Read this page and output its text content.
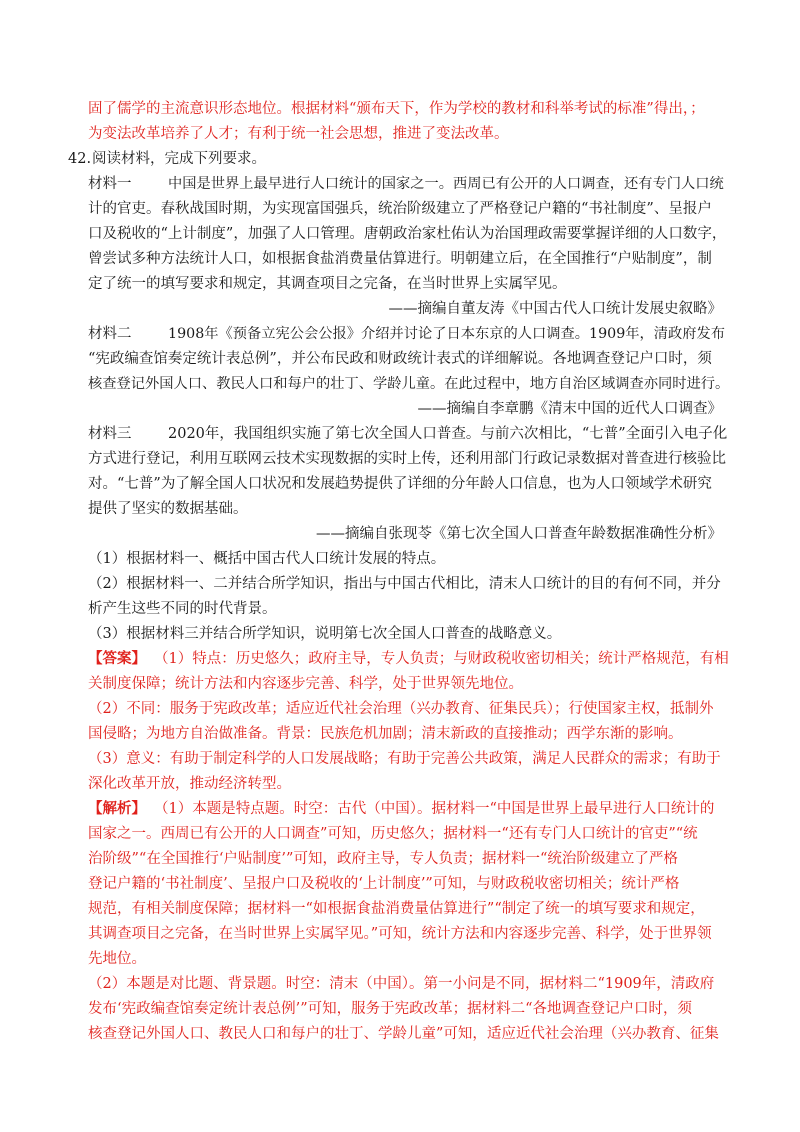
固了儒学的主流意识形态地位。根据材料“颁布天下，作为学校的教材和科举考试的标准”得出，；
为变法改革培养了人才；有利于统一社会思想，推进了变法改革。
42. 阅读材料，完成下列要求。
材料一	中国是世界上最早进行人口统计的国家之一。西周已有公开的人口调查，还有专门人口统
计的官吏。春秋战国时期，为实现富国强兵，统治阶级建立了严格登记户籍的“书社制度”、呈报户
口及税收的“上计制度”，加强了人口管理。唐朝政治家杜佑认为治国理政需要掌握详细的人口数字，
曾尝试多种方法统计人口，如根据食盐消费量估算进行。明朝建立后，在全国推行“户贴制度”，制
定了统一的填写要求和规定，其调查项目之完备，在当时世界上实属罕见。
——摘编自董友涛《中国古代人口统计发展史叙略》
材料二	1908年《预备立宪公会公报》介绍并讨论了日本东京的人口调查。1909年，清政府发布
“宪政编查馆奏定统计表总例”，并公布民政和财政统计表式的详细解说。各地调查登记户口时，须
核查登记外国人口、教民人口和每户的壮丁、学龄儿童。在此过程中，地方自治区域调查亦同时进行。
——摘编自李章鹏《清末中国的近代人口调查》
材料三	2020年，我国组织实施了第七次全国人口普查。与前六次相比，“七普”全面引入电子化
方式进行登记，利用互联网云技术实现数据的实时上传，还利用部门行政记录数据对普查进行核验比
对。“七普”为了解全国人口状况和发展趋势提供了详细的分年龄人口信息，也为人口领域学术研究
提供了坚实的数据基础。
——摘编自张现苓《第七次全国人口普查年龄数据准确性分析》
（1）根据材料一、概括中国古代人口统计发展的特点。
（2）根据材料一、二并结合所学知识，指出与中国古代相比，清末人口统计的目的有何不同，并分
析产生这些不同的时代背景。
（3）根据材料三并结合所学知识，说明第七次全国人口普查的战略意义。
【答案】 （1）特点：历史悠久；政府主导，专人负责；与财政税收密切相关；统计严格规范，有相
关制度保障；统计方法和内容逐步完善、科学，处于世界领先地位。
（2）不同：服务于宪政改革；适应近代社会治理（兴办教育、征集民兵）；行使国家主权，抵制外
国侵略；为地方自治做准备。背景：民族危机加剧；清末新政的直接推动；西学东渐的影响。
（3）意义：有助于制定科学的人口发展战略；有助于完善公共政策，满足人民群众的需求；有助于
深化改革开放，推动经济转型。
【解析】 （1）本题是特点题。时空：古代（中国）。据材料一“中国是世界上最早进行人口统计的
国家之一。西周已有公开的人口调查”可知，历史悠久；据材料一“还有专门人口统计的官吏”“统
治阶级”“在全国推行‘户贴制度’”可知，政府主导，专人负责；据材料一“统治阶级建立了严格
登记户籍的‘书社制度’、呈报户口及税收的‘上计制度’”可知，与财政税收密切相关；统计严格
规范，有相关制度保障；据材料一“如根据食盐消费量估算进行”“制定了统一的填写要求和规定，
其调查项目之完备，在当时世界上实属罕见。”可知，统计方法和内容逐步完善、科学，处于世界领
先地位。
（2）本题是对比题、背景题。时空：清末（中国）。第一小问是不同，据材料二“1909年，清政府
发布‘宪政编查馆奏定统计表总例’”可知，服务于宪政改革；据材料二“各地调查登记户口时，须
核查登记外国人口、教民人口和每户的壮丁、学龄儿童”可知，适应近代社会治理（兴办教育、征集
